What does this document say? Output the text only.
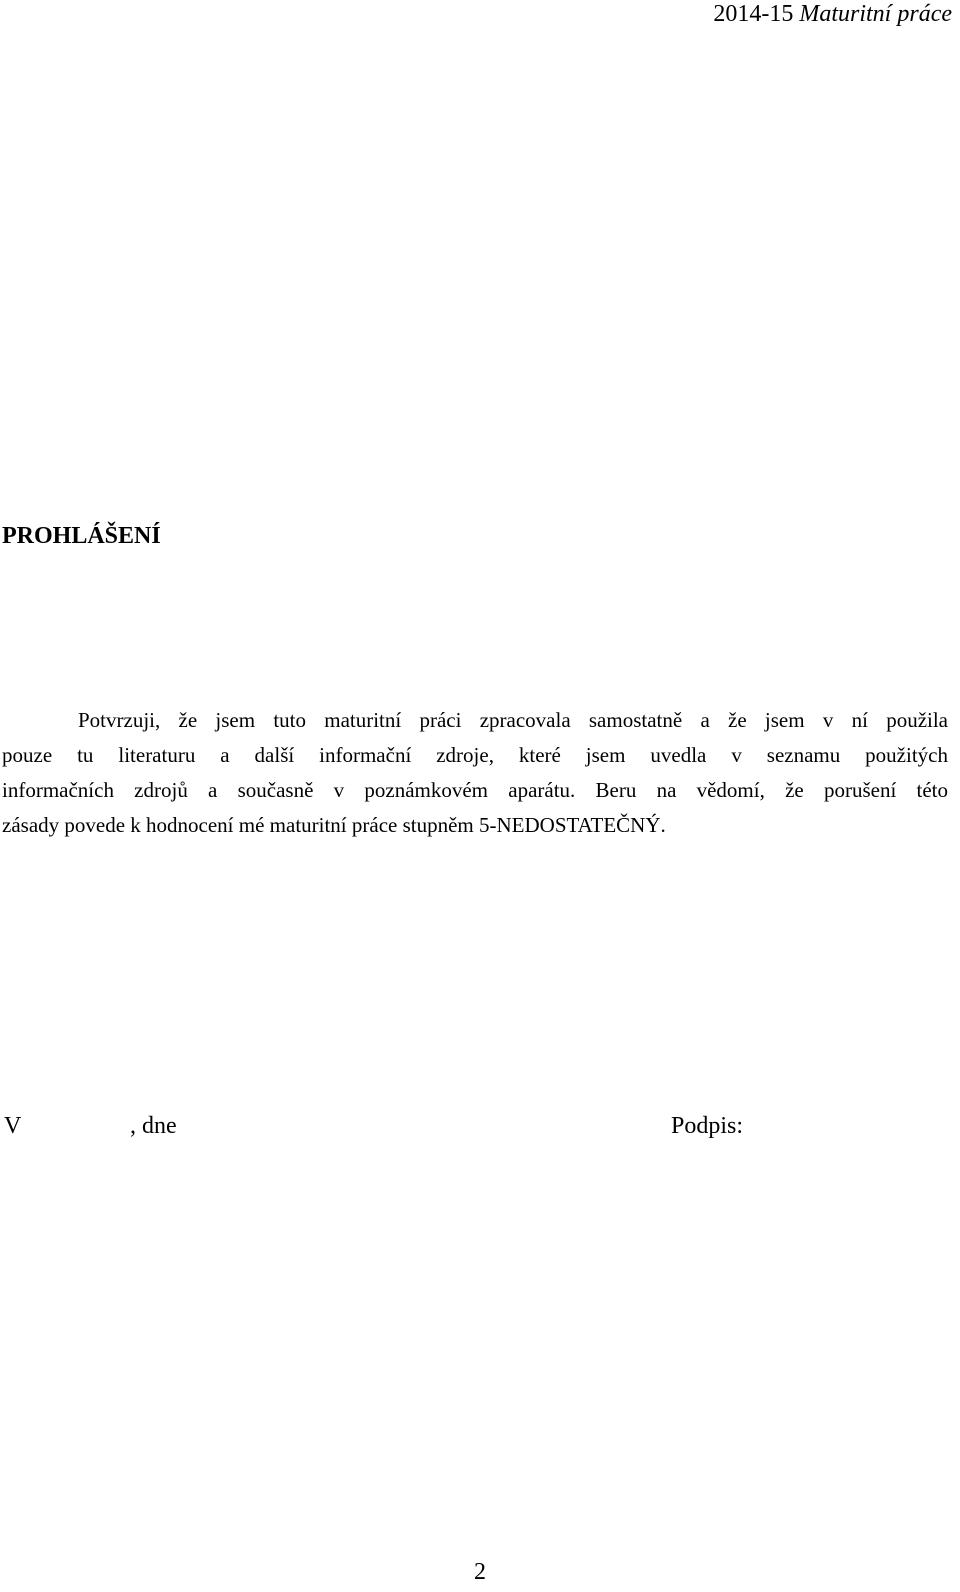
2014-15 Maturitní práce
PROHLÁŠENÍ
Potvrzuji, že jsem tuto maturitní práci zpracovala samostatně a že jsem v ní použila
pouze tu literaturu a další informační zdroje, které jsem uvedla v seznamu použitých
informačních zdrojů a současně v poznámkovém aparátu. Beru na vědomí, že porušení této
zásady povede k hodnocení mé maturitní práce stupněm 5-NEDOSTATEČNÝ.
V	, dne	Podpis:
2
